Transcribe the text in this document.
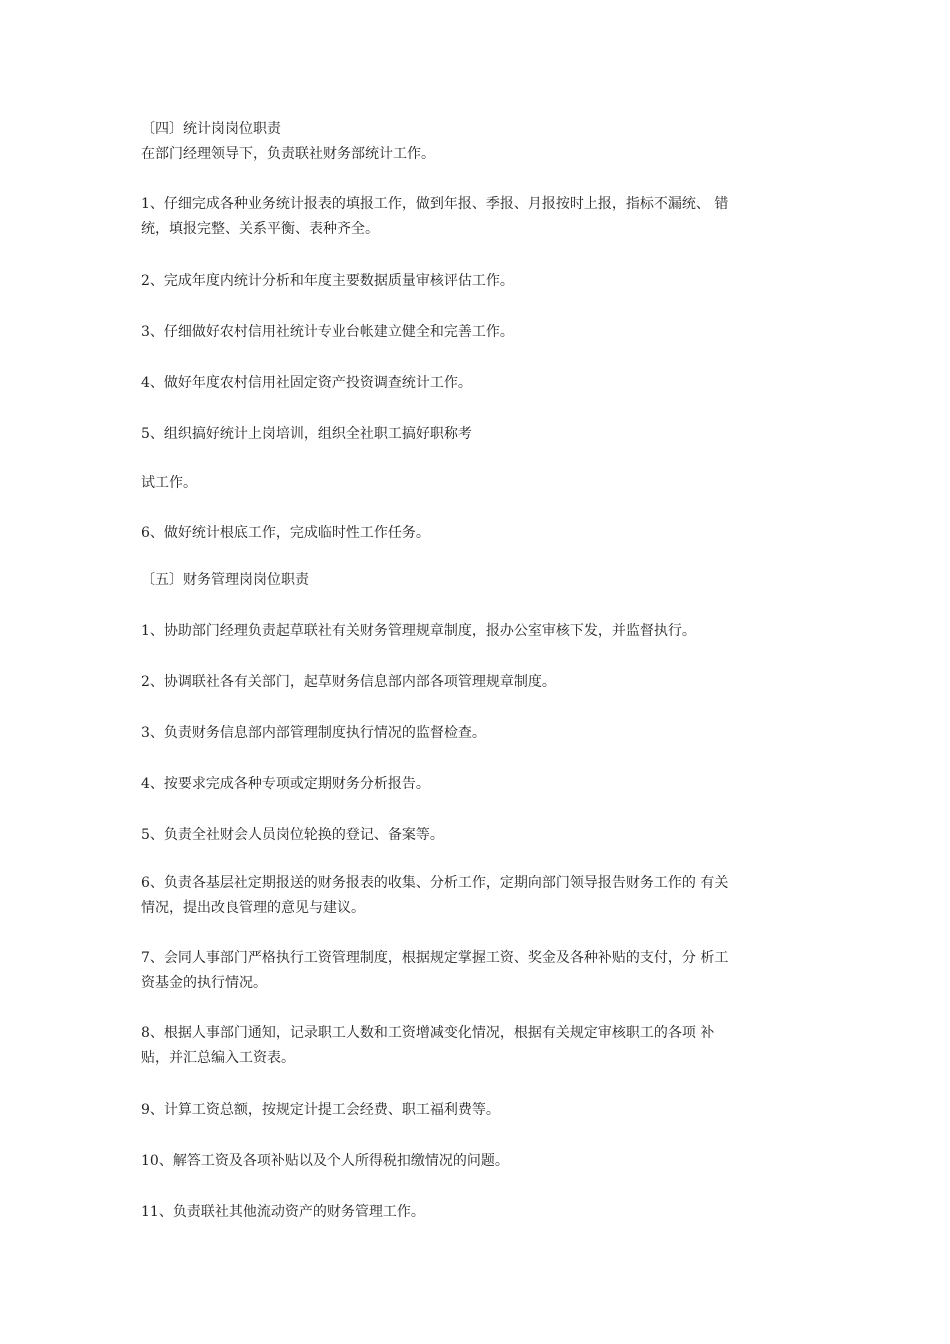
〔四〕统计岗岗位职责
在部门经理领导下，负责联社财务部统计工作。
1、仔细完成各种业务统计报表的填报工作，做到年报、季报、月报按时上报，指标不漏统、 错
统，填报完整、关系平衡、表种齐全。
2、完成年度内统计分析和年度主要数据质量审核评估工作。
3、仔细做好农村信用社统计专业台帐建立健全和完善工作。
4、做好年度农村信用社固定资产投资调查统计工作。
5、组织搞好统计上岗培训，组织全社职工搞好职称考
试工作。
6、做好统计根底工作，完成临时性工作任务。
〔五〕财务管理岗岗位职责
1、协助部门经理负责起草联社有关财务管理规章制度，报办公室审核下发，并监督执行。
2、协调联社各有关部门，起草财务信息部内部各项管理规章制度。
3、负责财务信息部内部管理制度执行情况的监督检查。
4、按要求完成各种专项或定期财务分析报告。
5、负责全社财会人员岗位轮换的登记、备案等。
6、负责各基层社定期报送的财务报表的收集、分析工作，定期向部门领导报告财务工作的 有关
情况，提出改良管理的意见与建议。
7、会同人事部门严格执行工资管理制度，根据规定掌握工资、奖金及各种补贴的支付，分 析工
资基金的执行情况。
8、根据人事部门通知，记录职工人数和工资增减变化情况，根据有关规定审核职工的各项 补
贴，并汇总编入工资表。
9、计算工资总额，按规定计提工会经费、职工福利费等。
10、解答工资及各项补贴以及个人所得税扣缴情况的问题。
11、负责联社其他流动资产的财务管理工作。
